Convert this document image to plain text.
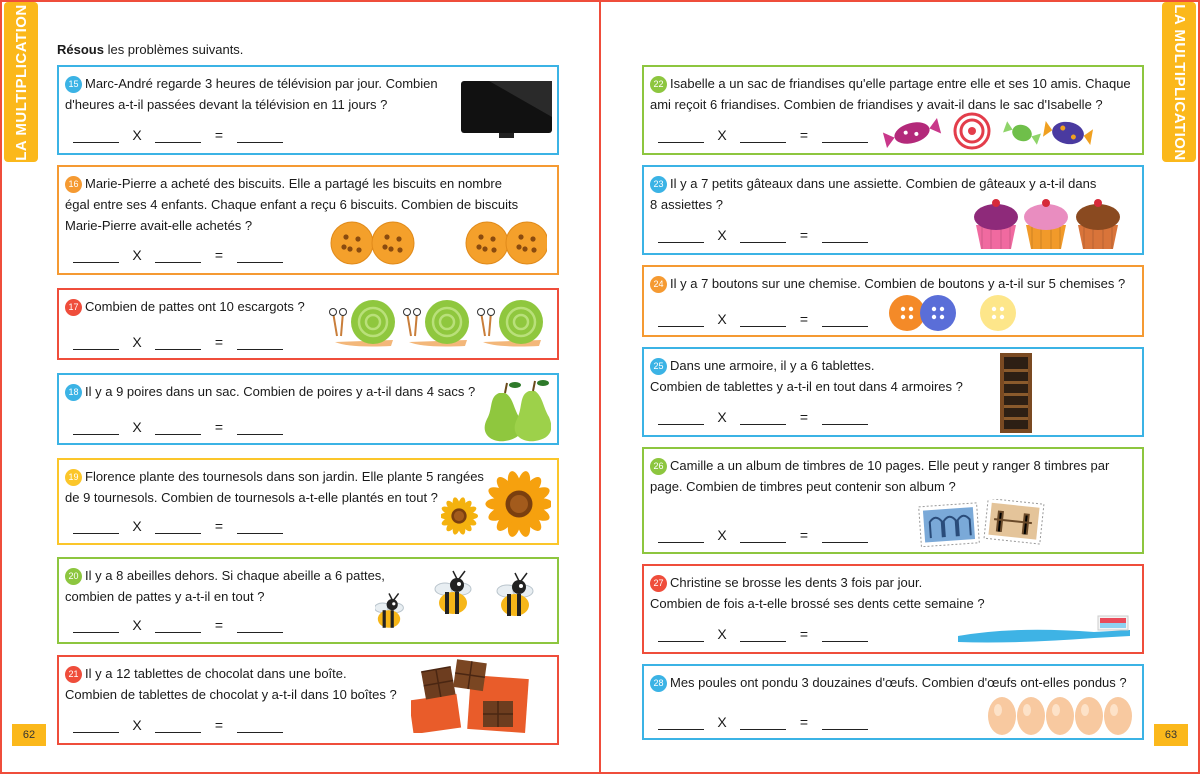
LA MULTIPLICATION Résous les problèmes suivants.
62
LA MULTIPLICATION
63
15 Marc-André regarde 3 heures de télévision par jour. Combien
d'heures a-t-il passées devant la télévision en 11 jours ?
X	=
16 Marie-Pierre a acheté des biscuits. Elle a partagé les biscuits en nombre
égal entre ses 4 enfants. Chaque enfant a reçu 6 biscuits. Combien de biscuits
Marie-Pierre avait-elle achetés ?
X	=
17 Combien de pattes ont 10 escargots ?
X	=
18 Il y a 9 poires dans un sac. Combien de poires y a-t-il dans 4 sacs ?
X	=
19 Florence plante des tournesols dans son jardin. Elle plante 5 rangées
de 9 tournesols. Combien de tournesols a-t-elle plantés en tout ?
X	=
20 Il y a 8 abeilles dehors. Si chaque abeille a 6 pattes,
combien de pattes y a-t-il en tout ?
X	=
21 Il y a 12 tablettes de chocolat dans une boîte.
Combien de tablettes de chocolat y a-t-il dans 10 boîtes ?
X	=
22 Isabelle a un sac de friandises qu'elle partage entre elle et ses 10 amis. Chaque
ami reçoit 6 friandises. Combien de friandises y avait-il dans le sac d'Isabelle ?
X	=
23 Il y a 7 petits gâteaux dans une assiette. Combien de gâteaux y a-t-il dans
8 assiettes ?
X	=
24 Il y a 7 boutons sur une chemise. Combien de boutons y a-t-il sur 5 chemises ?
X	=
25 Dans une armoire, il y a 6 tablettes.
Combien de tablettes y a-t-il en tout dans 4 armoires ?
X	=
26 Camille a un album de timbres de 10 pages. Elle peut y ranger 8 timbres par
page. Combien de timbres peut contenir son album ?
X	=
27 Christine se brosse les dents 3 fois par jour.
Combien de fois a-t-elle brossé ses dents cette semaine ?
X	=
28 Mes poules ont pondu 3 douzaines d'œufs. Combien d'œufs ont-elles pondus ?
X	=
